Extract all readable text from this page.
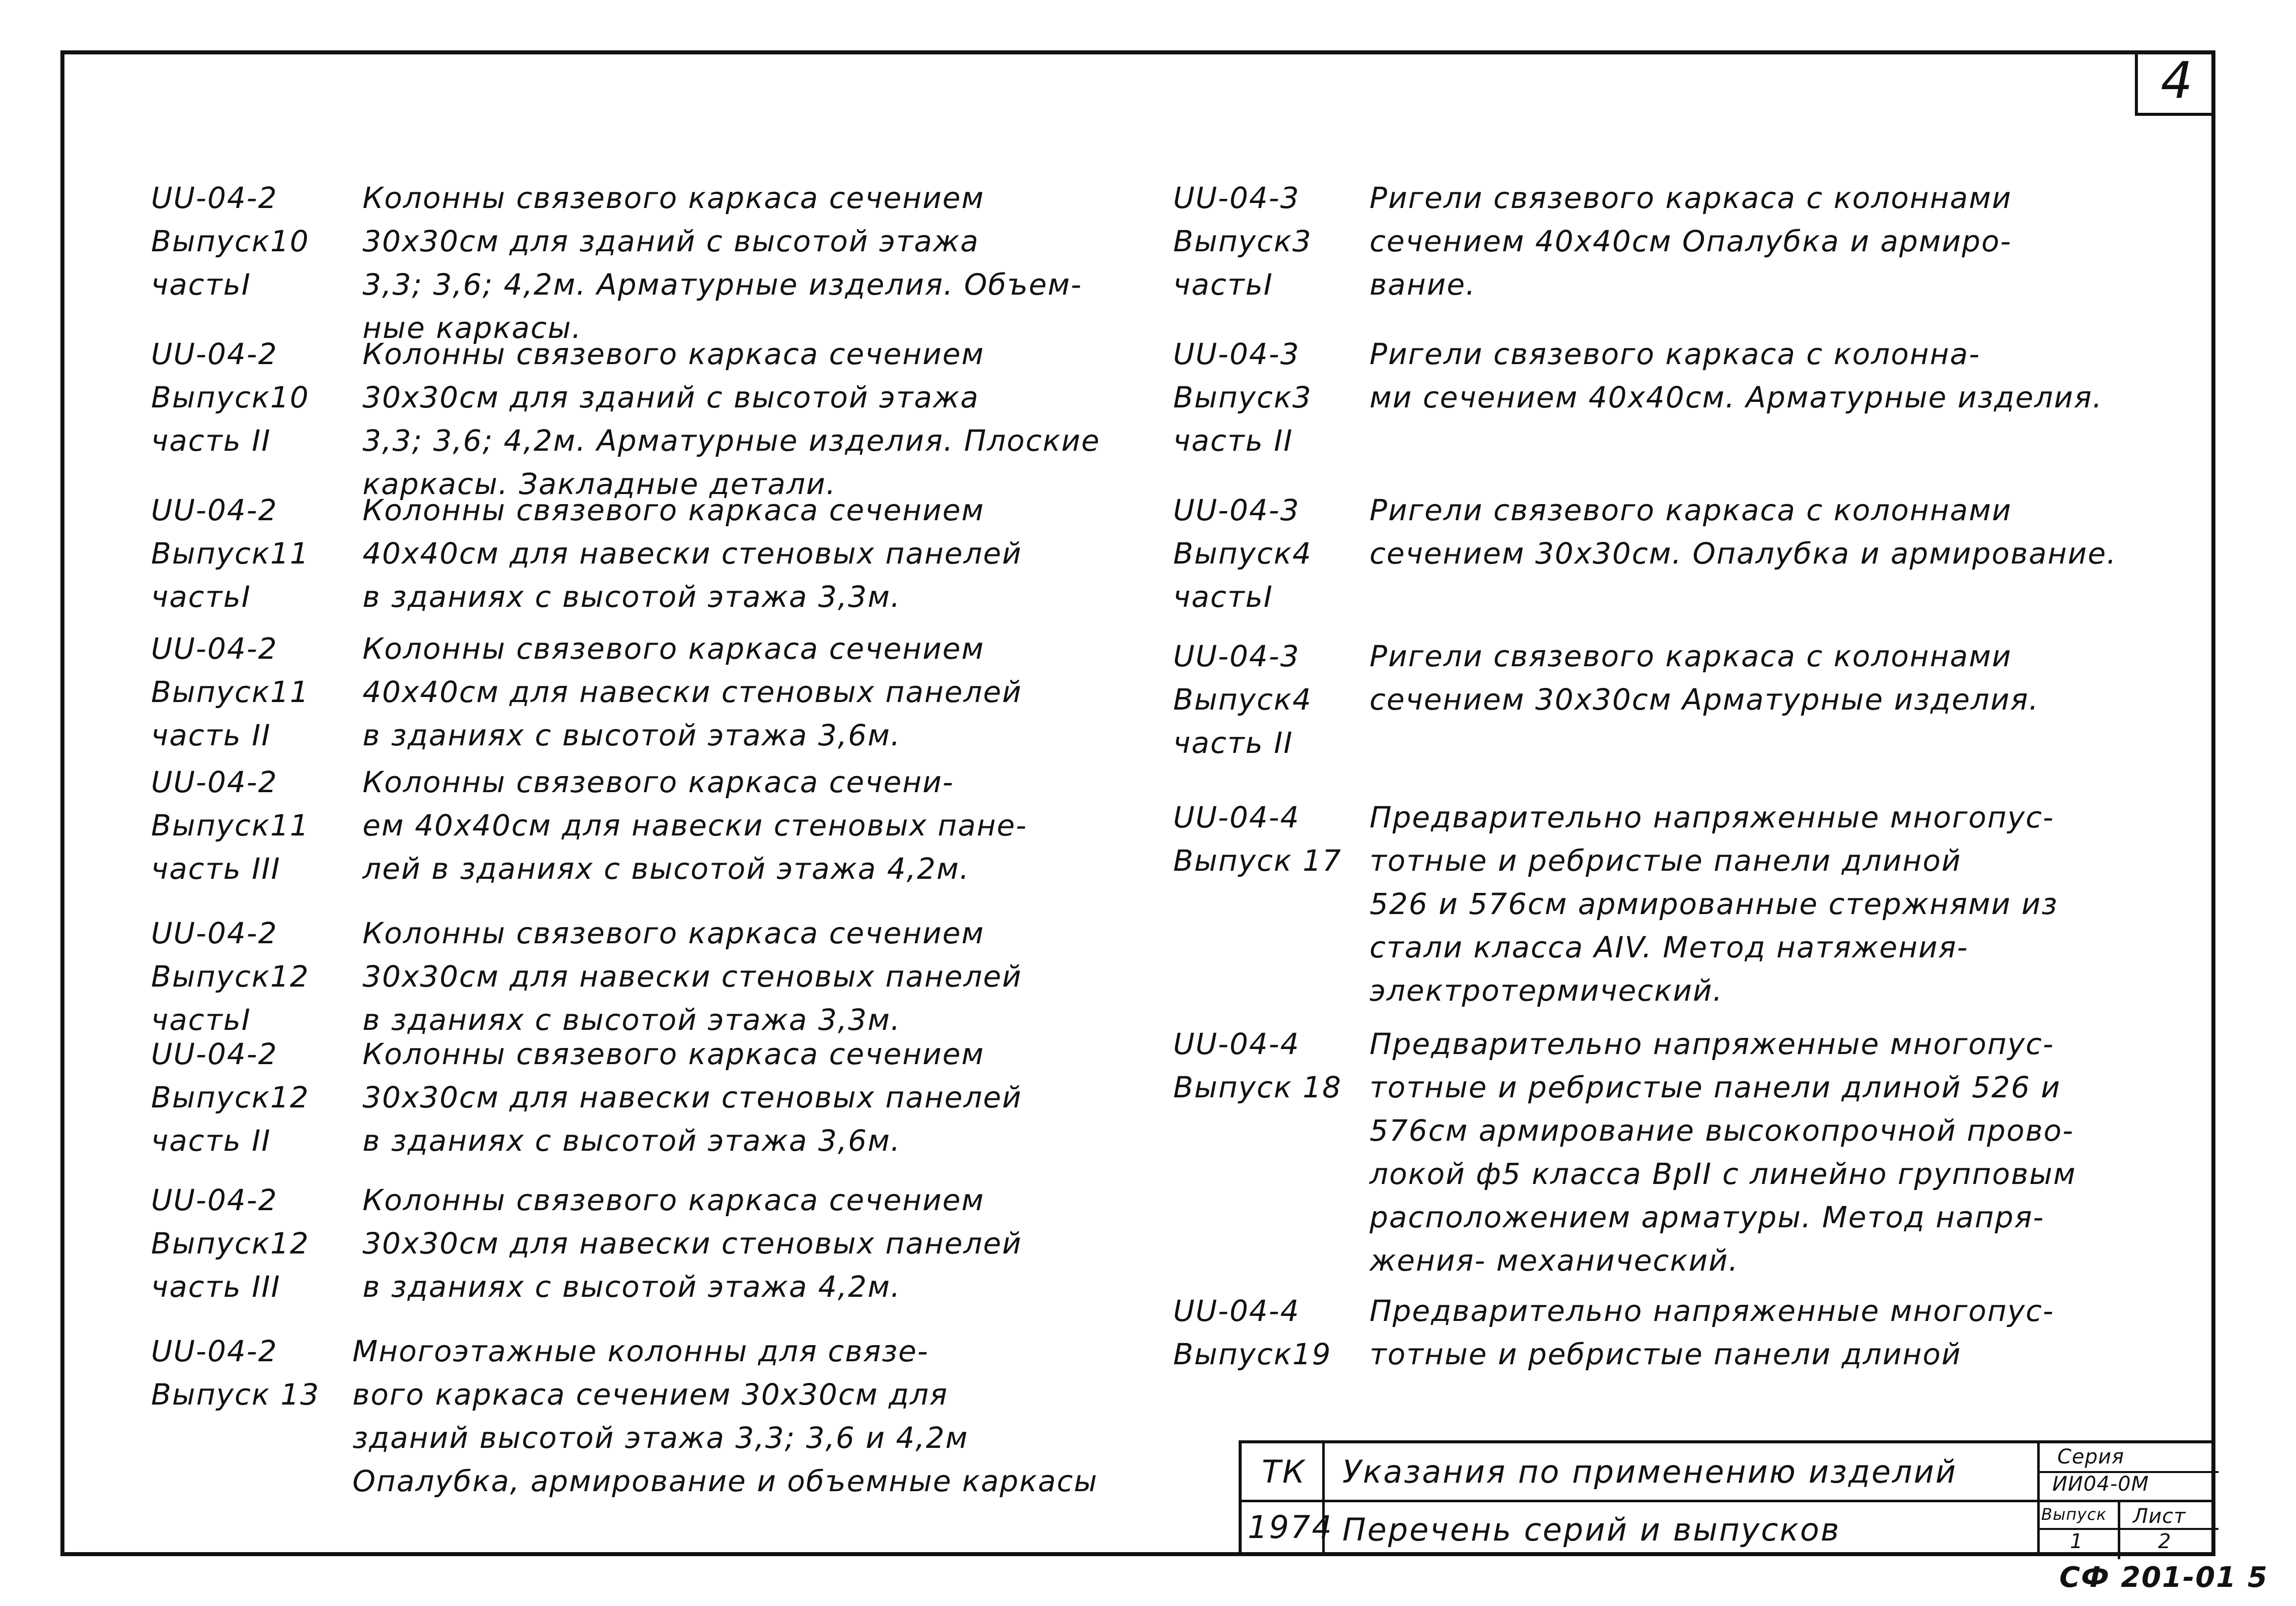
4
UU-04-2
Выпуск10
частьI
Колонны связевого каркаса сечением
30х30см для зданий с высотой этажа
3,3; 3,6; 4,2м. Арматурные изделия. Объем-
ные каркасы.
UU-04-2
Выпуск10
часть II
Колонны связевого каркаса сечением
30х30см для зданий с высотой этажа
3,3; 3,6; 4,2м. Арматурные изделия. Плоские
каркасы. Закладные детали.
UU-04-2
Выпуск11
частьI
Колонны связевого каркаса сечением
40х40см для навески стеновых панелей
в зданиях с высотой этажа 3,3м.
UU-04-2
Выпуск11
часть II
Колонны связевого каркаса сечением
40х40см для навески стеновых панелей
в зданиях с высотой этажа 3,6м.
UU-04-2
Выпуск11
часть III
Колонны связевого каркаса сечени-
ем 40х40см для навески стеновых пане-
лей в зданиях с высотой этажа 4,2м.
UU-04-2
Выпуск12
частьI
Колонны связевого каркаса сечением
30х30см для навески стеновых панелей
в зданиях с высотой этажа 3,3м.
UU-04-2
Выпуск12
часть II
Колонны связевого каркаса сечением
30х30см для навески стеновых панелей
в зданиях с высотой этажа 3,6м.
UU-04-2
Выпуск12
часть III
Колонны связевого каркаса сечением
30х30см для навески стеновых панелей
в зданиях с высотой этажа 4,2м.
UU-04-2
Выпуск 13
Многоэтажные колонны для связе-
вого каркаса сечением 30х30см для
зданий высотой этажа 3,3; 3,6 и 4,2м
Опалубка, армирование и объемные каркасы
UU-04-3
Выпуск3
частьI
Ригели связевого каркаса с колоннами
сечением 40х40см Опалубка и армиро-
вание.
UU-04-3
Выпуск3
часть II
Ригели связевого каркаса с колонна-
ми сечением 40х40см. Арматурные изделия.
UU-04-3
Выпуск4
частьI
Ригели связевого каркаса с колоннами
сечением 30х30см. Опалубка и армирование.
UU-04-3
Выпуск4
часть II
Ригели связевого каркаса с колоннами
сечением 30х30см Арматурные изделия.
UU-04-4
Выпуск 17
Предварительно напряженные многопус-
тотные и ребристые панели длиной
526 и 576см армированные стержнями из
стали класса AIV. Метод натяжения-
электротермический.
UU-04-4
Выпуск 18
Предварительно напряженные многопус-
тотные и ребристые панели длиной 526 и
576см армирование высокопрочной прово-
локой ф5 класса BpII с линейно групповым
расположением арматуры. Метод напря-
жения- механический.
UU-04-4
Выпуск19
Предварительно напряженные многопус-
тотные и ребристые панели длиной
ТК
1974
Указания по применению изделий
Перечень серий и выпусков
Серия
ИИ04-0М
Выпуск
1
Лист
2
СФ 201-01 5
